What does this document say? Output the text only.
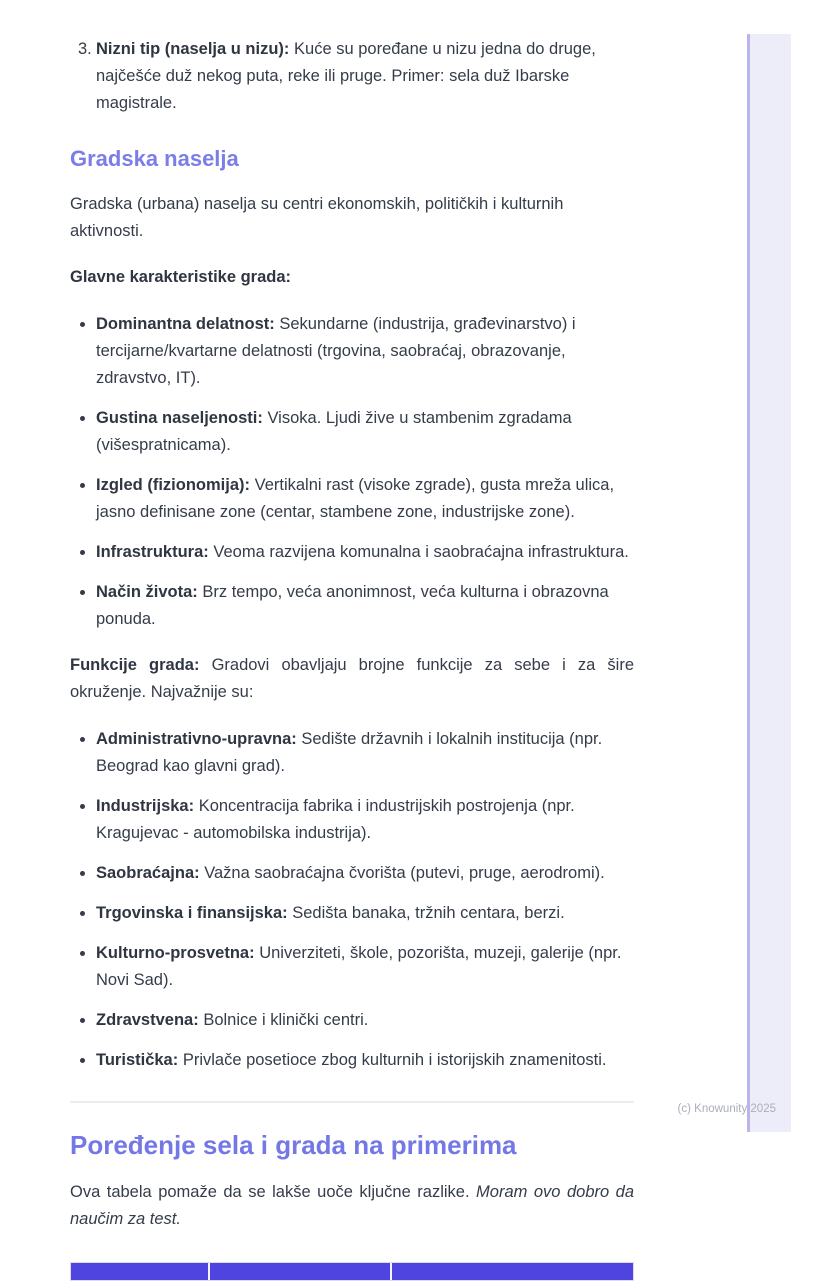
3. Nizni tip (naselja u nizu): Kuće su poređane u nizu jedna do druge, najčešće duž nekog puta, reke ili pruge. Primer: sela duž Ibarske magistrale.
Gradska naselja

Gradska (urbana) naselja su centri ekonomskih, političkih i kulturnih aktivnosti.

Glavne karakteristike grada:

• Dominantna delatnost: Sekundarne (industrija, građevinarstvo) i tercijarne/kvartarne delatnosti (trgovina, saobraćaj, obrazovanje, zdravstvo, IT).
• Gustina naseljenosti: Visoka. Ljudi žive u stambenim zgradama (višespratnicama).
• Izgled (fizionomija): Vertikalni rast (visoke zgrade), gusta mreža ulica, jasno definisane zone (centar, stambene zone, industrijske zone).
• Infrastruktura: Veoma razvijena komunalna i saobraćajna infrastruktura.
• Način života: Brz tempo, veća anonimnost, veća kulturna i obrazovna ponuda.

Funkcije grada: Gradovi obavljaju brojne funkcije za sebe i za šire okruženje. Najvažnije su:

• Administrativno-upravna: Sedište državnih i lokalnih institucija (npr. Beograd kao glavni grad).
• Industrijska: Koncentracija fabrika i industrijskih postrojenja (npr. Kragujevac - automobilska industrija).
• Saobraćajna: Važna saobraćajna čvorišta (putevi, pruge, aerodromi).
• Trgovinska i finansijska: Sedišta banaka, tržnih centara, berzi.
• Kulturno-prosvetna: Univerziteti, škole, pozorišta, muzeji, galerije (npr. Novi Sad).
• Zdravstvena: Bolnice i klinički centri.
• Turistička: Privlače posetioce zbog kulturnih i istorijskih znamenitosti.
Poređenje sela i grada na primerima

Ova tabela pomaže da se lakše uoče ključne razlike. Moram ovo dobro da naučim za test.

(c) Knowunity 2025
